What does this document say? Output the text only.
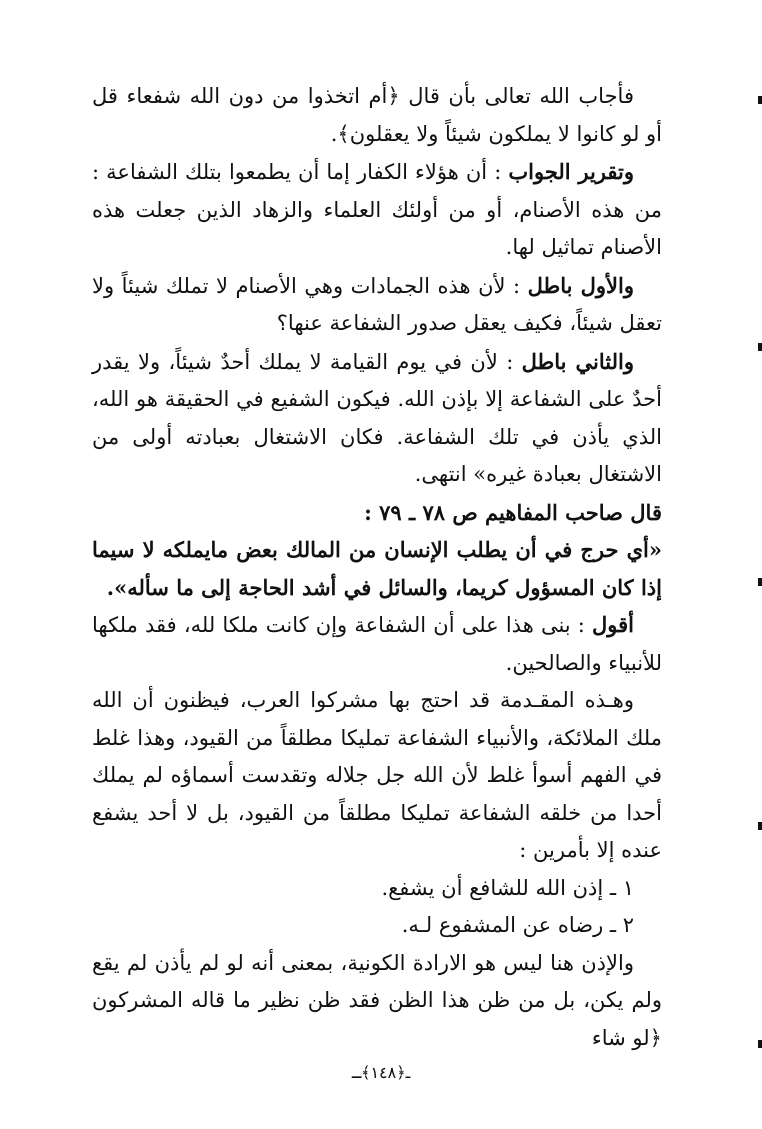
فأجاب الله تعالى بأن قال ﴿أم اتخذوا من دون الله شفعاء قل أو لو كانوا لا يملكون شيئاً ولا يعقلون﴾.

وتقرير الجواب : أن هؤلاء الكفار إما أن يطمعوا بتلك الشفاعة : من هذه الأصنام، أو من أولئك العلماء والزهاد الذين جعلت هذه الأصنام تماثيل لها.

والأول باطل : لأن هذه الجمادات وهي الأصنام لا تملك شيئاً ولا تعقل شيئاً، فكيف يعقل صدور الشفاعة عنها؟

والثاني باطل : لأن في يوم القيامة لا يملك أحدٌ شيئاً، ولا يقدر أحدٌ على الشفاعة إلا بإذن الله. فيكون الشفيع في الحقيقة هو الله، الذي يأذن في تلك الشفاعة. فكان الاشتغال بعبادته أولى من الاشتغال بعبادة غيره» انتهى.

قال صاحب المفاهيم ص ٧٨ ـ ٧٩ :

«أي حرج في أن يطلب الإنسان من المالك بعض مايملكه لا سيما إذا كان المسؤول كريما، والسائل في أشد الحاجة إلى ما سأله».

أقول : بنى هذا على أن الشفاعة وإن كانت ملكا لله، فقد ملكها للأنبياء والصالحين.

وهـذه المقـدمة قد احتج بها مشركوا العرب، فيظنون أن الله ملك الملائكة، والأنبياء الشفاعة تمليكا مطلقاً من القيود، وهذا غلط في الفهم أسوأ غلط لأن الله جل جلاله وتقدست أسماؤه لم يملك أحدا من خلقه الشفاعة تمليكا مطلقاً من القيود، بل لا أحد يشفع عنده إلا بأمرين :

١ ـ إذن الله للشافع أن يشفع.

٢ ـ رضاه عن المشفوع لـه.

والإذن هنا ليس هو الارادة الكونية، بمعنى أنه لو لم يأذن لم يقع ولم يكن، بل من ظن هذا الظن فقد ظن نظير ما قاله المشركون ﴿لو شاء

ـ﴿١٤٨﴾ـ
